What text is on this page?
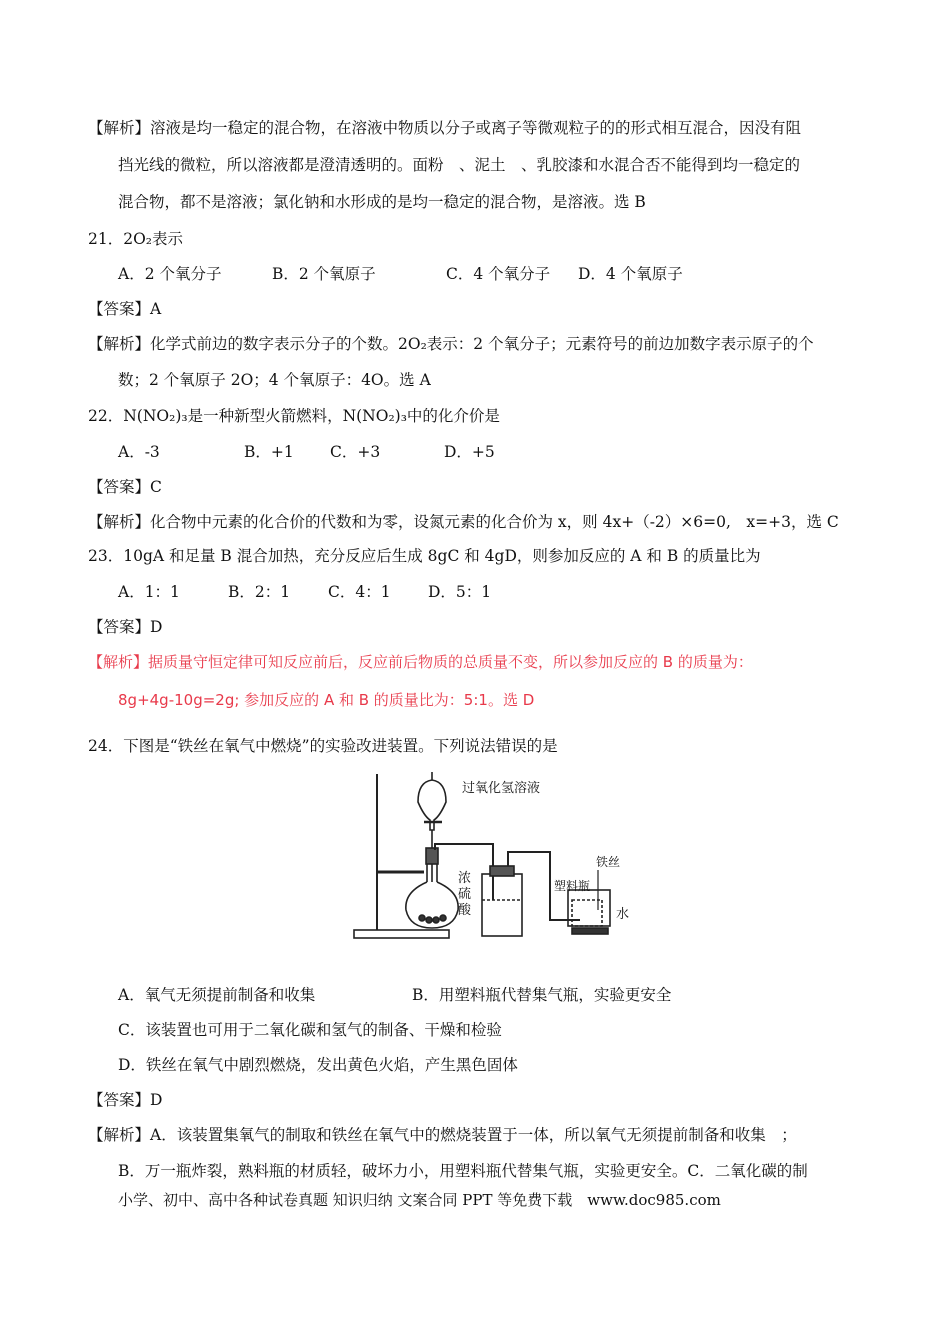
【解析】溶液是均一稳定的混合物，在溶液中物质以分子或离子等微观粒子的的形式相互混合，因没有阻
挡光线的微粒，所以溶液都是澄清透明的。面粉　、泥土　、乳胶漆和水混合否不能得到均一稳定的
混合物，都不是溶液；氯化钠和水形成的是均一稳定的混合物，是溶液。选 B
21．2O₂表示
A．2 个氧分子	B．2 个氧原子	C．4 个氧分子 D．4 个氧原子
【答案】A
【解析】化学式前边的数字表示分子的个数。2O₂表示：2 个氧分子；元素符号的前边加数字表示原子的个
数；2 个氧原子 2O；4 个氧原子：4O。选 A
22．N(NO₂)₃是一种新型火箭燃料，N(NO₂)₃中的化介价是
A．-3	B．+1 C．+3	D．+5
【答案】C
【解析】化合物中元素的化合价的代数和为零，设氮元素的化合价为 x，则 4x+（-2）×6=0,　x=+3，选 C
23．10gA 和足量 B 混合加热，充分反应后生成 8gC 和 4gD，则参加反应的 A 和 B 的质量比为
A．1：1	B．2：1 C．4：1 D．5：1
【答案】D
【解析】据质量守恒定律可知反应前后，反应前后物质的总质量不变，所以参加反应的 B 的质量为：
8g+4g-10g=2g; 参加反应的 A 和 B 的质量比为：5:1。选 D
24．下图是“铁丝在氧气中燃烧”的实验改进装置。下列说法错误的是
过氧化氢溶液
浓
硫
酸
塑料瓶
铁丝
水
A．氧气无须提前制备和收集	B．用塑料瓶代替集气瓶，实验更安全
C．该装置也可用于二氧化碳和氢气的制备、干燥和检验
D．铁丝在氧气中剧烈燃烧，发出黄色火焰，产生黑色固体
【答案】D
【解析】A．该装置集氧气的制取和铁丝在氧气中的燃烧装置于一体，所以氧气无须提前制备和收集　；
B．万一瓶炸裂，熟料瓶的材质轻，破坏力小，用塑料瓶代替集气瓶，实验更安全。C．二氧化碳的制
小学、初中、高中各种试卷真题 知识归纳 文案合同 PPT 等免费下载　www.doc985.com
